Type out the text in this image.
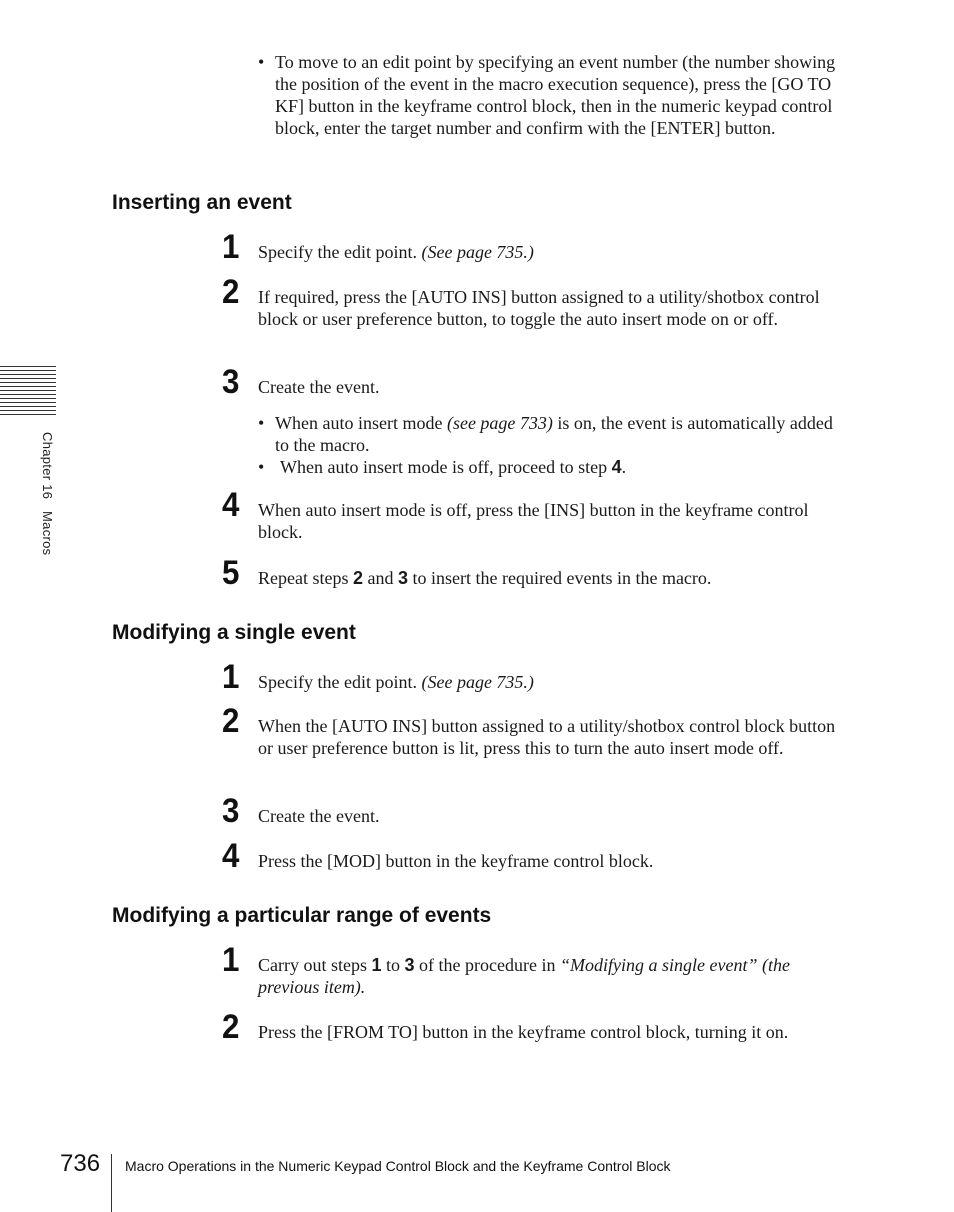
• To move to an edit point by specifying an event number (the number showing the position of the event in the macro execution sequence), press the [GO TO KF] button in the keyframe control block, then in the numeric keypad control block, enter the target number and confirm with the [ENTER] button.
Inserting an event
1	Specify the edit point. (See page 735.)
2	If required, press the [AUTO INS] button assigned to a utility/shotbox control block or user preference button, to toggle the auto insert mode on or off.
3	Create the event.
• When auto insert mode (see page 733) is on, the event is automatically added to the macro.
• When auto insert mode is off, proceed to step 4.
4	When auto insert mode is off, press the [INS] button in the keyframe control block.
5	Repeat steps 2 and 3 to insert the required events in the macro.
Modifying a single event
1	Specify the edit point. (See page 735.)
2	When the [AUTO INS] button assigned to a utility/shotbox control block button or user preference button is lit, press this to turn the auto insert mode off.
3	Create the event.
4	Press the [MOD] button in the keyframe control block.
Modifying a particular range of events
1	Carry out steps 1 to 3 of the procedure in “Modifying a single event” (the previous item).
2	Press the [FROM TO] button in the keyframe control block, turning it on.
Chapter 16   Macros
736 Macro Operations in the Numeric Keypad Control Block and the Keyframe Control Block
